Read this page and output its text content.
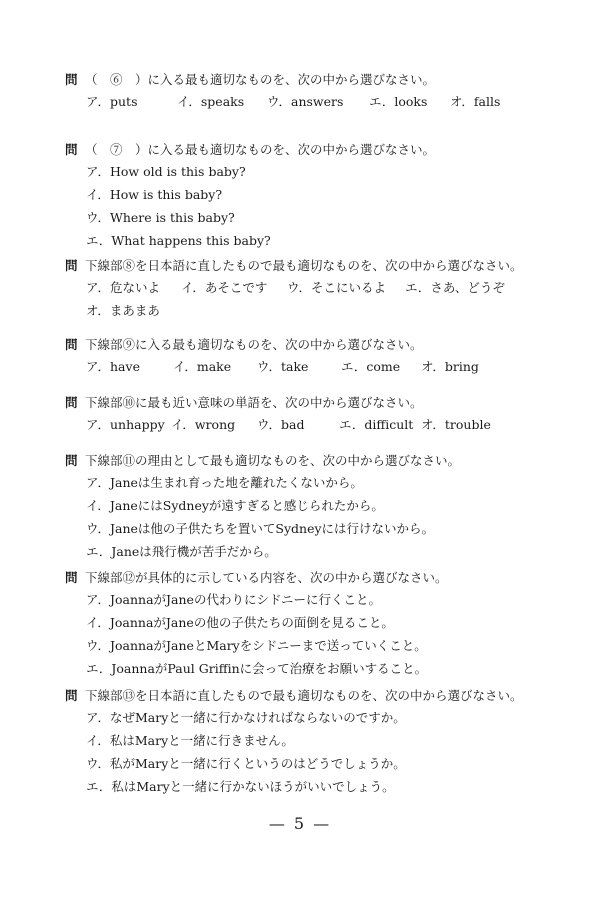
問 （　⑥　）に入る最も適切なものを、次の中から選びなさい。
ア．puts	イ．speaks ウ．answers エ．looks オ．falls
問 （　⑦　）に入る最も適切なものを、次の中から選びなさい。
ア．How old is this baby?
イ．How is this baby?
ウ．Where is this baby?
エ．What happens this baby?
問 下線部⑧を日本語に直したもので最も適切なものを、次の中から選びなさい。
ア．危ないよ イ．あそこです ウ．そこにいるよ エ．さあ、どうぞ
オ．まあまあ
問 下線部⑨に入る最も適切なものを、次の中から選びなさい。
ア．have	イ．make ウ．take	エ．come オ．bring
問 下線部⑩に最も近い意味の単語を、次の中から選びなさい。
ア．unhappy イ．wrong ウ．bad	エ．difficult オ．trouble
問 下線部⑪の理由として最も適切なものを、次の中から選びなさい。
ア．Janeは生まれ育った地を離れたくないから。
イ．JaneにはSydneyが遠すぎると感じられたから。
ウ．Janeは他の子供たちを置いてSydneyには行けないから。
エ．Janeは飛行機が苦手だから。
問 下線部⑫が具体的に示している内容を、次の中から選びなさい。
ア．JoannaがJaneの代わりにシドニーに行くこと。
イ．JoannaがJaneの他の子供たちの面倒を見ること。
ウ．JoannaがJaneとMaryをシドニーまで送っていくこと。
エ．JoannaがPaul Griffinに会って治療をお願いすること。
問 下線部⑬を日本語に直したもので最も適切なものを、次の中から選びなさい。
ア．なぜMaryと一緒に行かなければならないのですか。
イ．私はMaryと一緒に行きません。
ウ．私がMaryと一緒に行くというのはどうでしょうか。
エ．私はMaryと一緒に行かないほうがいいでしょう。
— 5 —
